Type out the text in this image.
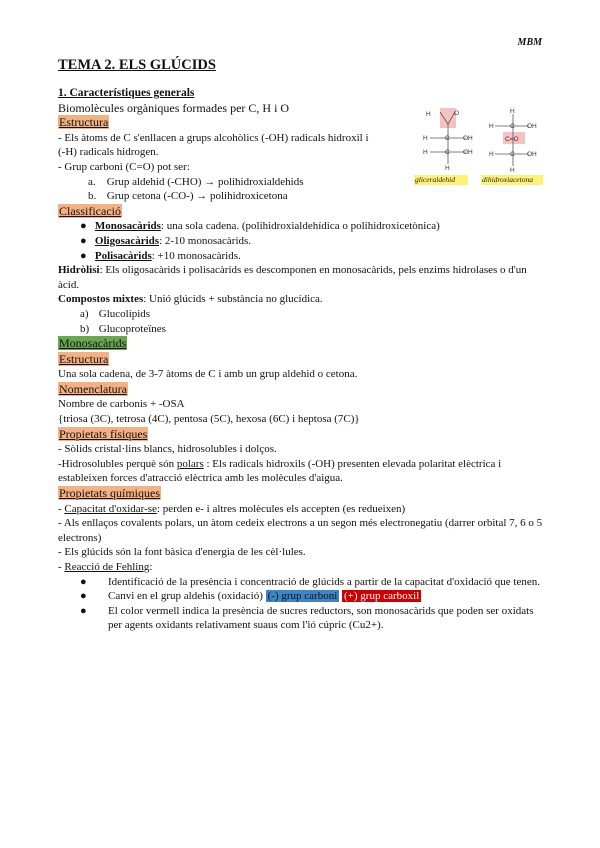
MBM
TEMA 2. ELS GLÚCIDS
H	O
H	C OH
H	C OH
H
gliceraldehid
H
H	C OH
C=O
H	C OH
H
dihidroxiacetona
1. Característiques generals
Biomolècules orgàniques formades per C, H i O
Estructura
- Els àtoms de C s'enllacen a grups alcohòlics (-OH) radicals hidroxil i
(-H) radicals hidrogen.
- Grup carboni (C=O) pot ser:
a. Grup aldehid (-CHO) → polihidroxialdehids
b. Grup cetona (-CO-) → polihidroxicetona
Classificació
●   Monosacàrids: una sola cadena. (polihidroxialdehídica o polihidroxicetònica)
●   Oligosacàrids: 2-10 monosacàrids.
●   Polisacàrids: +10 monosacàrids.
Hidròlisi: Els oligosacàrids i polisacàrids es descomponen en monosacàrids, pels enzims hidrolases o d'un àcid.
Compostos mixtes: Unió glúcids + substància no glucídica.
a) Glucolípids
b) Glucoproteïnes
Monosacàrids
Estructura
Una sola cadena, de 3-7 àtoms de C i amb un grup aldehid o cetona.
Nomenclatura
Nombre de carbonis + -OSA
{triosa (3C), tetrosa (4C), pentosa (5C), hexosa (6C) i heptosa (7C)}
Propietats físiques
- Sòlids cristal·lins blancs, hidrosolubles i dolços.
-Hidrosolubles perquè són polars : Els radicals hidroxils (-OH) presenten elevada polaritat elèctrica i estableixen forces d'atracció elèctrica amb les molècules d'aigua.
Propietats químiques
- Capacitat d'oxidar-se: perden e- i altres molècules els accepten (es redueixen)
- Als enllaços covalents polars, un àtom cedeix electrons a un segon més electronegatiu (darrer orbital 7, 6 o 5 electrons)
- Els glúcids són la font bàsica d'energia de les cèl·lules.
- Reacció de Fehling:
● Identificació de la presència i concentració de glúcids a partir de la capacitat d'oxidació que tenen.
● Canvi en el grup aldehis (oxidació) (-) grup carboni (+) grup carboxil
● El color vermell indica la presència de sucres reductors, son monosacàrids que poden ser oxidats per agents oxidants relativament suaus com l'ió cúpric (Cu2+).
